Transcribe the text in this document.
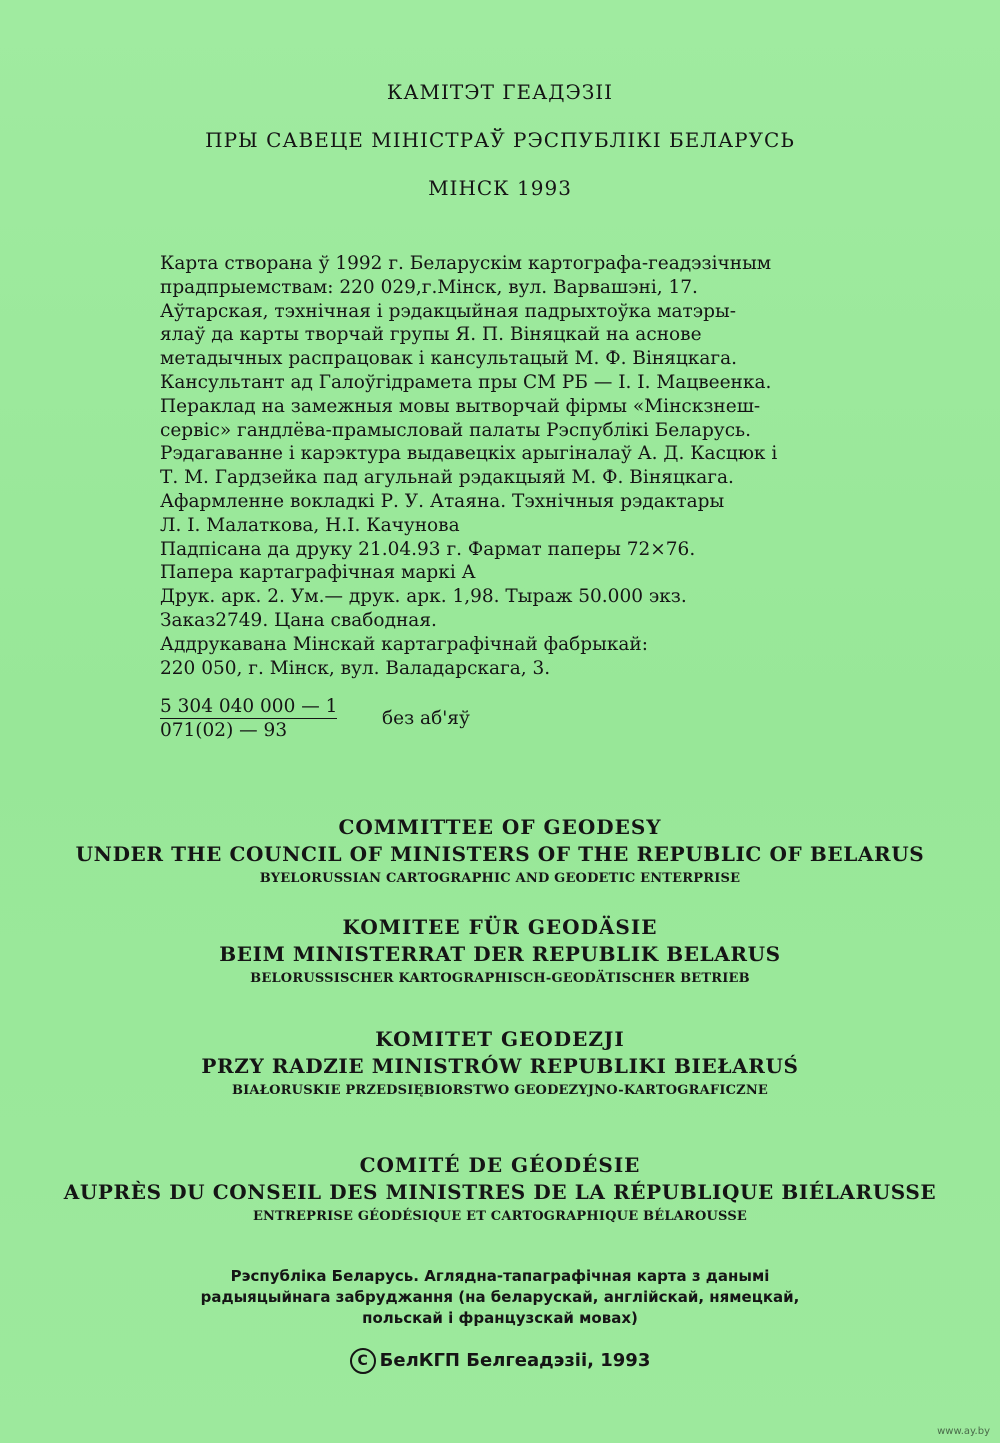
КАМІТЭТ ГЕАДЭЗІІ
ПРЫ САВЕЦЕ МІНІСТРАЎ РЭСПУБЛІКІ БЕЛАРУСЬ
МІНСК 1993
Карта створана ў 1992 г. Беларускім картографа-геадэзічным
прадпрыемствам: 220 029,г.Мінск, вул. Варвашэні, 17.
Аўтарская, тэхнічная і рэдакцыйная падрыхтоўка матэры-
ялаў да карты творчай групы Я. П. Віняцкай на аснове
метадычных распрацовак і кансультацый М. Ф. Віняцкага.
Кансультант ад Галоўгідрамета пры СМ РБ — І. І. Мацвеенка.
Пераклад на замежныя мовы вытворчай фірмы «Мінскзнеш-
сервіс» гандлёва-прамысловай палаты Рэспублікі Беларусь.
Рэдагаванне і карэктура выдавецкіх арыгіналаў А. Д. Касцюк і
Т. М. Гардзейка пад агульнай рэдакцыяй М. Ф. Віняцкага.
Афармленне вокладкі Р. У. Атаяна. Тэхнічныя рэдактары
Л. І. Малаткова, Н.І. Качунова
Падпісана да друку 21.04.93 г. Фармат паперы 72×76.
Папера картаграфічная маркі А
Друк. арк. 2. Ум.— друк. арк. 1,98. Тыраж 50.000 экз.
Заказ2749. Цана свабодная.
Аддрукавана Мінскай картаграфічнай фабрыкай:
220 050, г. Мінск, вул. Валадарскага, 3.
5 304 040 000 — 1
071(02) — 93
без аб'яў
COMMITTEE OF GEODESY
UNDER THE COUNCIL OF MINISTERS OF THE REPUBLIC OF BELARUS
BYELORUSSIAN CARTOGRAPHIC AND GEODETIC ENTERPRISE
KOMITEE FÜR GEODÄSIE
BEIM MINISTERRAT DER REPUBLIK BELARUS
BELORUSSISCHER KARTOGRAPHISCH-GEODÄTISCHER BETRIEB
KOMITET GEODEZJI
PRZY RADZIE MINISTRÓW REPUBLIKI BIEŁARUŚ
BIAŁORUSKIE PRZEDSIĘBIORSTWO GEODEZYJNO-KARTOGRAFICZNE
COMITÉ DE GÉODÉSIE
AUPRÈS DU CONSEIL DES MINISTRES DE LA RÉPUBLIQUE BIÉLARUSSE
ENTREPRISE GÉODÉSIQUE ET CARTOGRAPHIQUE BÉLAROUSSE
Рэспубліка Беларусь. Аглядна-тапаграфічная карта з данымі
радыяцыйнага забруджання (на беларускай, англійскай, нямецкай,
польскай і французскай мовах)
С БелКГП Белгеадэзіі, 1993
www.ay.by
